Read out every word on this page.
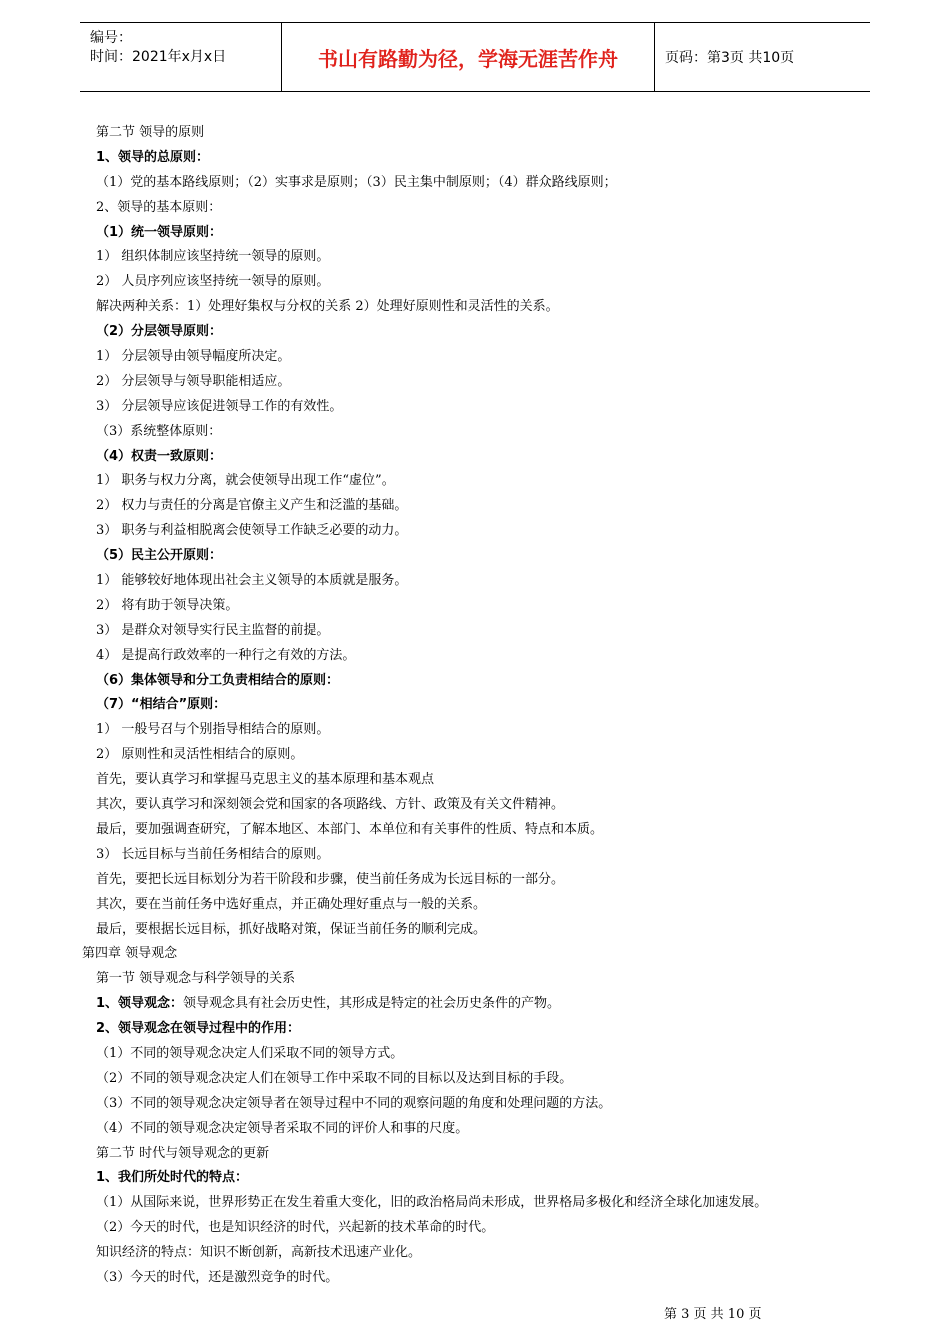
编号：
时间：2021年x月x日	书山有路勤为径，学海无涯苦作舟	页码：第3页 共10页
第二节 领导的原则
1、领导的总原则：
（1）党的基本路线原则；（2）实事求是原则；（3）民主集中制原则；（4）群众路线原则；
2、领导的基本原则：
（1）统一领导原则：
1） 组织体制应该坚持统一领导的原则。
2） 人员序列应该坚持统一领导的原则。
解决两种关系：1）处理好集权与分权的关系 2）处理好原则性和灵活性的关系。
（2）分层领导原则：
1） 分层领导由领导幅度所决定。
2） 分层领导与领导职能相适应。
3） 分层领导应该促进领导工作的有效性。
（3）系统整体原则：
（4）权责一致原则：
1） 职务与权力分离，就会使领导出现工作“虚位”。
2） 权力与责任的分离是官僚主义产生和泛滥的基础。
3） 职务与利益相脱离会使领导工作缺乏必要的动力。
（5）民主公开原则：
1） 能够较好地体现出社会主义领导的本质就是服务。
2） 将有助于领导决策。
3） 是群众对领导实行民主监督的前提。
4） 是提高行政效率的一种行之有效的方法。
（6）集体领导和分工负责相结合的原则：
（7）“相结合”原则：
1） 一般号召与个别指导相结合的原则。
2） 原则性和灵活性相结合的原则。
首先，要认真学习和掌握马克思主义的基本原理和基本观点
其次，要认真学习和深刻领会党和国家的各项路线、方针、政策及有关文件精神。
最后，要加强调查研究，了解本地区、本部门、本单位和有关事件的性质、特点和本质。
3） 长远目标与当前任务相结合的原则。
首先，要把长远目标划分为若干阶段和步骤，使当前任务成为长远目标的一部分。
其次，要在当前任务中选好重点，并正确处理好重点与一般的关系。
最后，要根据长远目标，抓好战略对策，保证当前任务的顺利完成。
第四章 领导观念
第一节 领导观念与科学领导的关系
1、领导观念：领导观念具有社会历史性，其形成是特定的社会历史条件的产物。
2、领导观念在领导过程中的作用：
（1）不同的领导观念决定人们采取不同的领导方式。
（2）不同的领导观念决定人们在领导工作中采取不同的目标以及达到目标的手段。
（3）不同的领导观念决定领导者在领导过程中不同的观察问题的角度和处理问题的方法。
（4）不同的领导观念决定领导者采取不同的评价人和事的尺度。
第二节 时代与领导观念的更新
1、我们所处时代的特点：
（1）从国际来说，世界形势正在发生着重大变化，旧的政治格局尚未形成，世界格局多极化和经济全球化加速发展。
（2）今天的时代，也是知识经济的时代，兴起新的技术革命的时代。
知识经济的特点：知识不断创新，高新技术迅速产业化。
（3）今天的时代，还是激烈竞争的时代。
第 3 页 共 10 页
